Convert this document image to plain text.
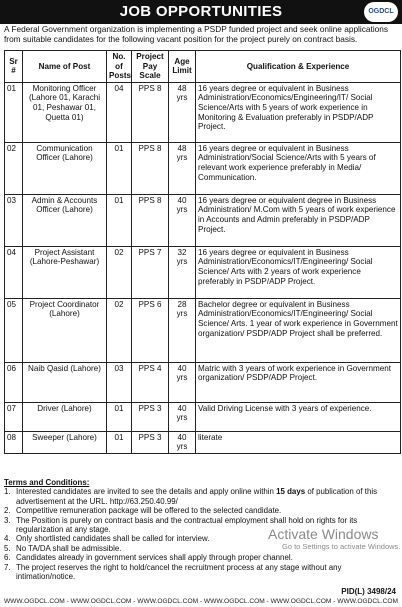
JOB OPPORTUNITIES	OGDCL

A Federal Government organization is implementing a PSDP funded project and seek online applications from suitable candidates for the following vacant position for the project purely on contract basis.

Sr #	Name of Post	No. of Posts	Project Pay Scale	Age Limit	Qualification & Experience
01	Monitoring Officer (Lahore 01, Karachi 01, Peshawar 01, Quetta 01)	04	PPS 8	48 yrs	16 years degree or equivalent in Business Administration/Economics/Engineering/IT/ Social Science/Arts with 5 years of work experience in Monitoring & Evaluation preferably in PSDP/ADP Project.
02	Communication Officer (Lahore)	01	PPS 8	48 yrs	16 years degree or equivalent in Business Administration/Social Science/Arts with 5 years of relevant work experience preferably in Media/ Communication.
03	Admin & Accounts Officer (Lahore)	01	PPS 8	40 yrs	16 years degree or equivalent degree in Business Administration/ M.Com with 5 years of work experience in Accounts and Admin preferably in PSDP/ADP Project.
04	Project Assistant (Lahore-Peshawar)	02	PPS 7	32 yrs	16 years degree or equivalent in Business Administration/Economics/IT/Engineering/ Social Science/ Arts with 2 years of work experience preferably in PSDP/ADP Project.
05	Project Coordinator (Lahore)	02	PPS 6	28 yrs	Bachelor degree or equivalent in Business Administration/Economics/IT/Engineering/ Social Science/ Arts. 1 year of work experience in Government organization/ PSDP/ADP Project shall be preferred.
06	Naib Qasid (Lahore)	03	PPS 4	40 yrs	Matric with 3 years of work experience in Government organization/ PSDP/ADP Project.
07	Driver (Lahore)	01	PPS 3	40 yrs	Valid Driving License with 3 years of experience.
08	Sweeper (Lahore)	01	PPS 3	40 yrs	literate
Terms and Conditions:
1. Interested candidates are invited to see the details and apply online within 15 days of publication of this advertisement at the URL. http://63.250.40.99/
2. Competitive remuneration package will be offered to the selected candidate.
3. The Position is purely on contract basis and the contractual employment shall hold on rights for its regularization at any stage.
4. Only shortlisted candidates shall be called for interview.
5. No TA/DA shall be admissible.
6. Candidates already in government services shall apply through proper channel.
7. The project reserves the right to hold/cancel the recruitment process at any stage without any intimation/notice.
PID(L) 3498/24
WWW.OGDCL.COM - WWW.OGDCL.COM - WWW.OGDCL.COM - WWW.OGDCL.COM - WWW.OGDCL.COM - WWW.OGDCL.COM
Activate Windows
Go to Settings to activate Windows.
